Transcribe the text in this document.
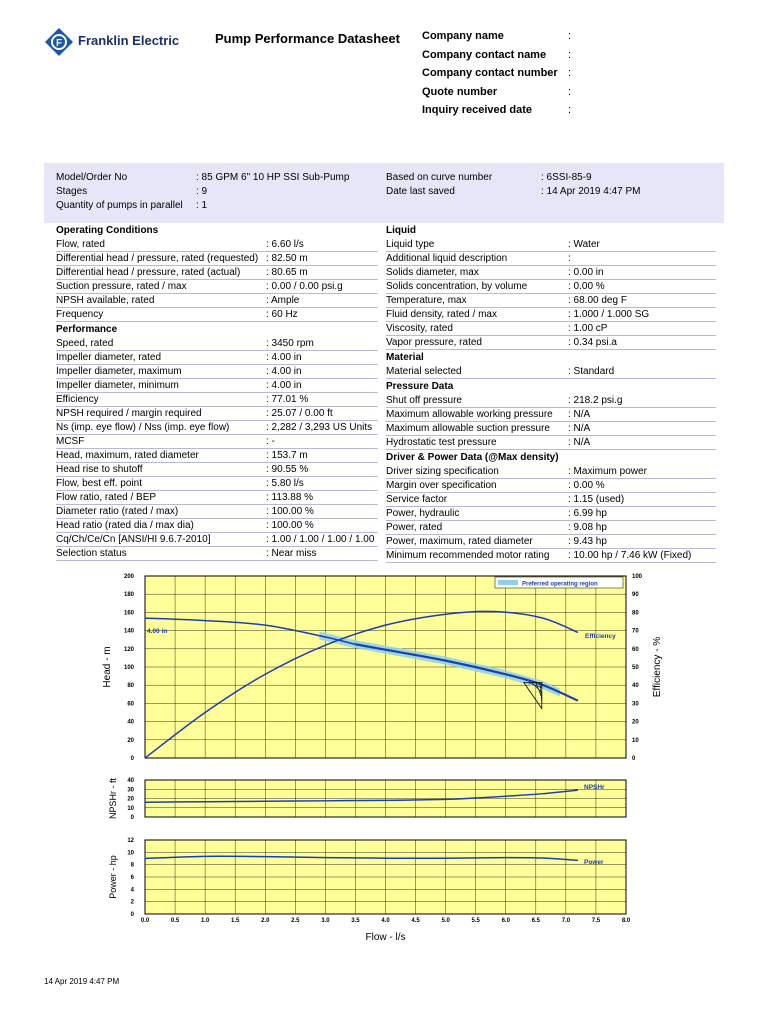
F Franklin Electric	Pump Performance Datasheet Company name	:
Company contact name :
Company contact number :
Quote number	:
Inquiry received date	:
Model/Order No	: 85 GPM 6" 10 HP SSI Sub-Pump
Stages	: 9
Quantity of pumps in parallel : 1
Based on curve number	: 6SSI-85-9
Date last saved	: 14 Apr 2019 4:47 PM
Operating Conditions
Flow, rated	: 6.60 l/s
Differential head / pressure, rated (requested) : 82.50 m
Differential head / pressure, rated (actual)	: 80.65 m
Suction pressure, rated / max	: 0.00 / 0.00 psi.g
NPSH available, rated	: Ample
Frequency	: 60 Hz
Performance
Speed, rated	: 3450 rpm
Impeller diameter, rated	: 4.00 in
Impeller diameter, maximum	: 4.00 in
Impeller diameter, minimum	: 4.00 in
Efficiency	: 77.01 %
NPSH required / margin required	: 25.07 / 0.00 ft
Ns (imp. eye flow) / Nss (imp. eye flow)	: 2,282 / 3,293 US Units
MCSF	: -
Head, maximum, rated diameter	: 153.7 m
Head rise to shutoff	: 90.55 %
Flow, best eff. point	: 5.80 l/s
Flow ratio, rated / BEP	: 113.88 %
Diameter ratio (rated / max)	: 100.00 %
Head ratio (rated dia / max dia)	: 100.00 %
Cq/Ch/Ce/Cn [ANSI/HI 9.6.7-2010]	: 1.00 / 1.00 / 1.00 / 1.00
Selection status	: Near miss
Liquid
Liquid type	: Water
Additional liquid description	:
Solids diameter, max	: 0.00 in
Solids concentration, by volume	: 0.00 %
Temperature, max	: 68.00 deg F
Fluid density, rated / max	: 1.000 / 1.000 SG
Viscosity, rated	: 1.00 cP
Vapor pressure, rated	: 0.34 psi.a
Material
Material selected	: Standard
Pressure Data
Shut off pressure	: 218.2 psi.g
Maximum allowable working pressure : N/A
Maximum allowable suction pressure : N/A
Hydrostatic test pressure	: N/A
Driver & Power Data (@Max density)
Driver sizing specification	: Maximum power
Margin over specification	: 0.00 %
Service factor	: 1.15 (used)
Power, hydraulic	: 6.99 hp
Power, rated	: 9.08 hp
Power, maximum, rated diameter	: 9.43 hp
Minimum recommended motor rating : 10.00 hp / 7.46 kW (Fixed)
Preferred operating region
4.00 in
Efficiency
0
20
40
60
80
100
120
140
160
180
200
0
10
20
30
40
50
60
70
80
90
100
Head - m	Efficiency - %
NPSHr
0
10
20
30
40
NPSHr - ft
Power
0
2
4
6
8
10
12
Power - hp
0.0	0.5	1.0	1.5	2.0	2.5	3.0	3.5	4.0	4.5	5.0	5.5	6.0	6.5	7.0	7.5	8.0
Flow - l/s
14 Apr 2019 4:47 PM
